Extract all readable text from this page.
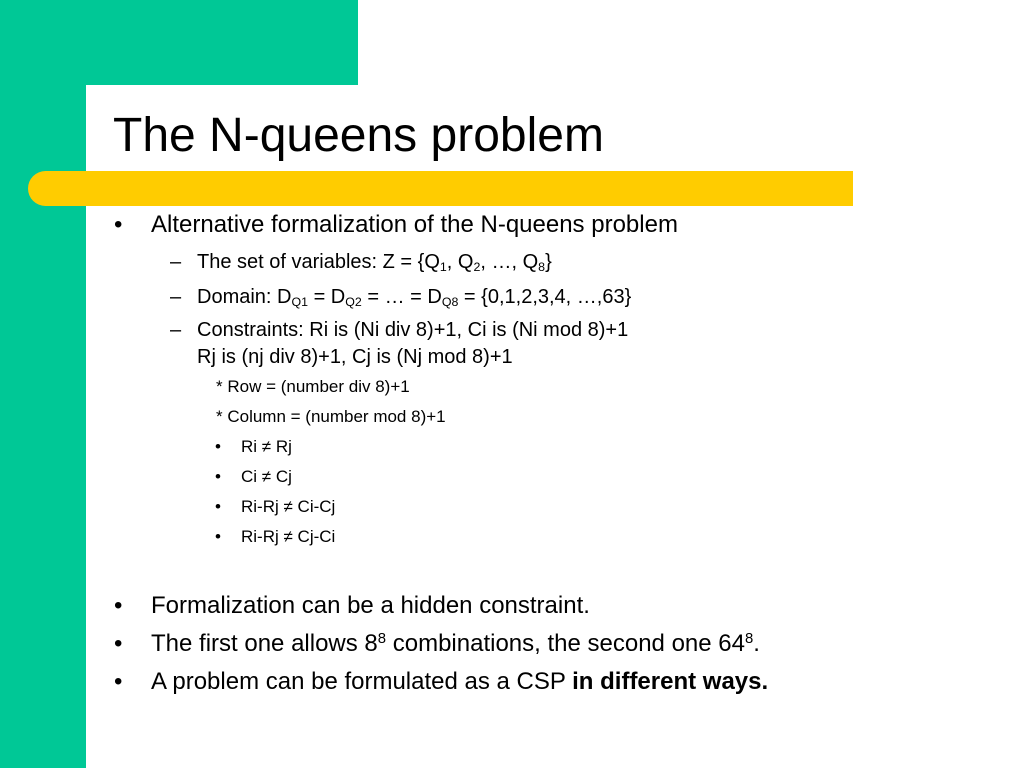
The N-queens problem
• Alternative formalization of the N-queens problem
– The set of variables: $Z = \{Q_1$, $Q_2$, …, $Q_8$}
– Domain: $D_{Q1} = D_{Q2}$ = … = $D_{Q8} = \{0,1,2,3,4$, …,63}
– Constraints: Ri is (Ni div 8)+1, Ci is (Ni mod 8)+1
Rj is (nj div 8)+1, Cj is (Nj mod 8)+1
* Row = (number div 8)+1
* Column = (number mod 8)+1
• Ri ≠ Rj
• Ci ≠ Cj
• Ri-Rj ≠ Ci-Cj
• Ri-Rj ≠ Cj-Ci
• Formalization can be a hidden constraint.
• The first one allows $8^8$ combinations, the second one $64^8$.
• A problem can be formulated as a CSP in different ways.
